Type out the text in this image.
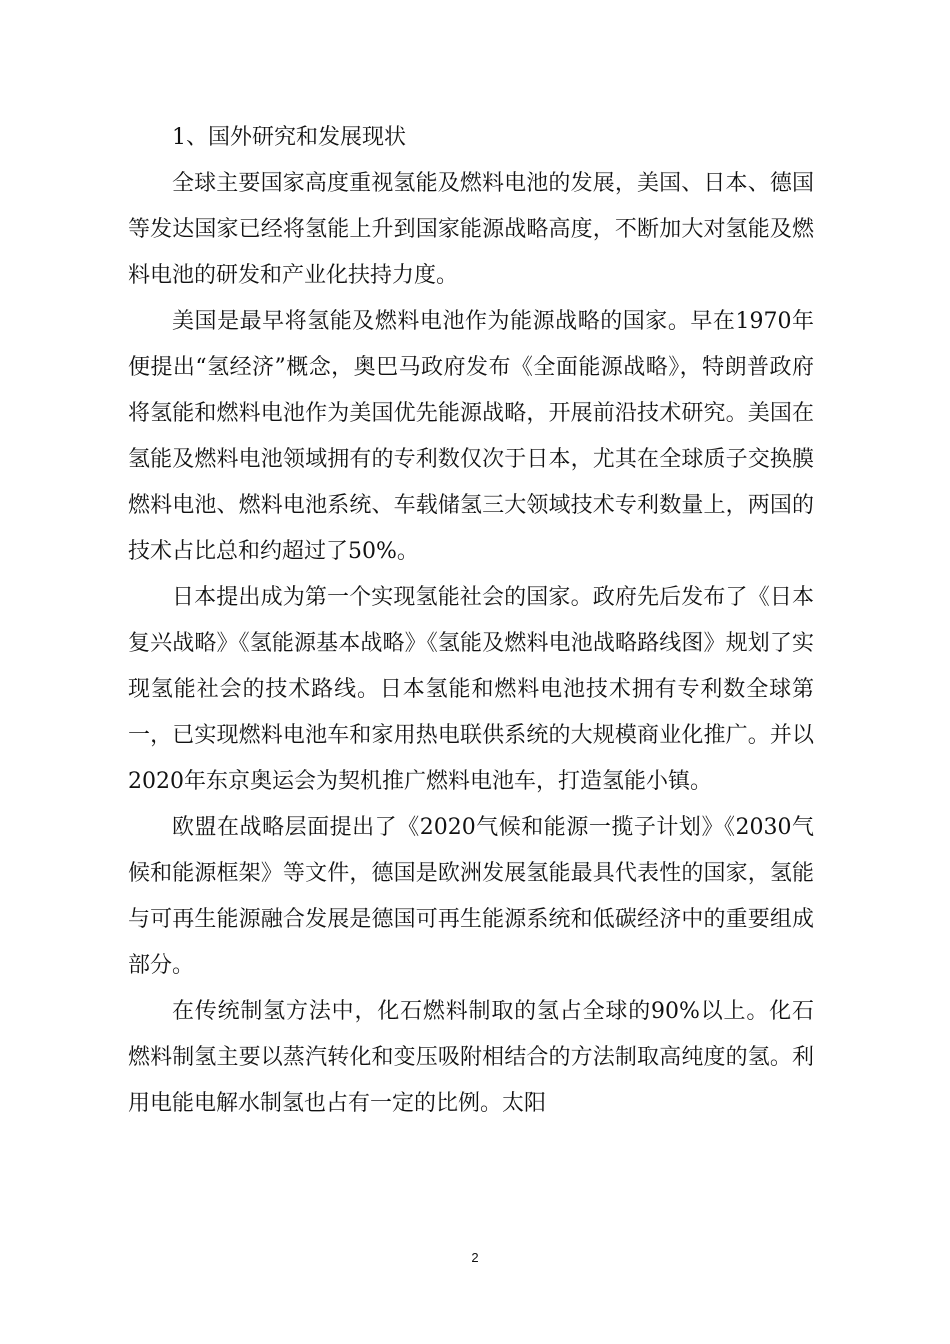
1、国外研究和发展现状

全球主要国家高度重视氢能及燃料电池的发展，美国、日本、德国等发达国家已经将氢能上升到国家能源战略高度，不断加大对氢能及燃料电池的研发和产业化扶持力度。

美国是最早将氢能及燃料电池作为能源战略的国家。早在1970年便提出“氢经济”概念，奥巴马政府发布《全面能源战略》，特朗普政府将氢能和燃料电池作为美国优先能源战略，开展前沿技术研究。美国在氢能及燃料电池领域拥有的专利数仅次于日本，尤其在全球质子交换膜燃料电池、燃料电池系统、车载储氢三大领域技术专利数量上，两国的技术占比总和约超过了50%。

日本提出成为第一个实现氢能社会的国家。政府先后发布了《日本复兴战略》《氢能源基本战略》《氢能及燃料电池战略路线图》规划了实现氢能社会的技术路线。日本氢能和燃料电池技术拥有专利数全球第一，已实现燃料电池车和家用热电联供系统的大规模商业化推广。并以2020年东京奥运会为契机推广燃料电池车，打造氢能小镇。

欧盟在战略层面提出了《2020气候和能源一揽子计划》《2030气候和能源框架》等文件，德国是欧洲发展氢能最具代表性的国家，氢能与可再生能源融合发展是德国可再生能源系统和低碳经济中的重要组成部分。

在传统制氢方法中，化石燃料制取的氢占全球的90%以上。化石燃料制氢主要以蒸汽转化和变压吸附相结合的方法制取高纯度的氢。利用电能电解水制氢也占有一定的比例。太阳

2
